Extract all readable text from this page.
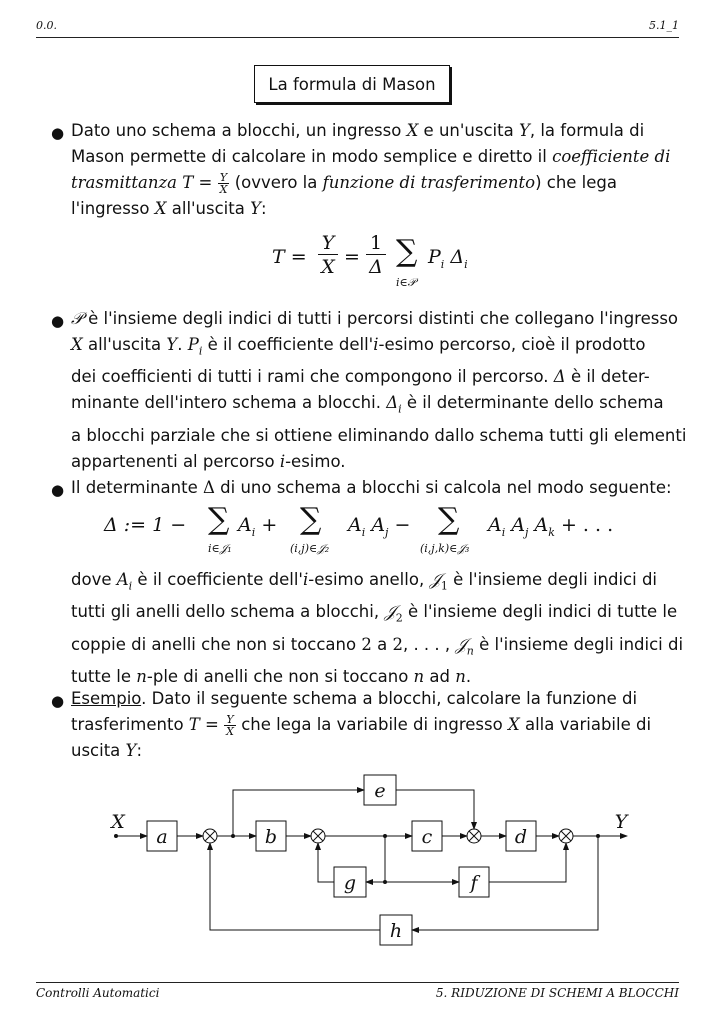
0.0.	5.1_1
La formula di Mason
● Dato uno schema a blocchi, un ingresso X e un'uscita Y, la formula di
Mason permette di calcolare in modo semplice e diretto il coefficiente di
trasmittanza $T = \frac{Y}{X}$ (ovvero la funzione di trasferimento) che lega
l'ingresso X all'uscita Y:
T =
Y
X =
1
Δ ∑
i∈𝒫
$P_i$ $\Delta_i$
● 𝒫 è l'insieme degli indici di tutti i percorsi distinti che collegano l'ingresso
X all'uscita Y. $P_i$ è il coefficiente dell'i-esimo percorso, cioè il prodotto
dei coefficienti di tutti i rami che compongono il percorso. Δ è il deter-
minante dell'intero schema a blocchi. $\Delta_i$ è il determinante dello schema
a blocchi parziale che si ottiene eliminando dallo schema tutti gli elementi
appartenenti al percorso i-esimo.
● Il determinante Δ di uno schema a blocchi si calcola nel modo seguente:
Δ := 1 − ∑
i∈𝒥₁
$A_i$ + ∑
(i,j)∈𝒥₂
$A_i$ $A_j$ − ∑
(i,j,k)∈𝒥₃
$A_i$ $A_j$ $A_k$ + . . .
dove $A_i$ è il coefficiente dell'i-esimo anello, 𝒥$_1$ è l'insieme degli indici di
tutti gli anelli dello schema a blocchi, 𝒥$_2$ è l'insieme degli indici di tutte le
coppie di anelli che non si toccano 2 a 2, . . . , 𝒥$_n$ è l'insieme degli indici di
tutte le n-ple di anelli che non si toccano n ad n.
● Esempio. Dato il seguente schema a blocchi, calcolare la funzione di
trasferimento $T = \frac{Y}{X}$ che lega la variabile di ingresso X alla variabile di
uscita Y:
X	Y
a	b	c	d
e
g	f
h
Controlli Automatici	5. RIDUZIONE DI SCHEMI A BLOCCHI
